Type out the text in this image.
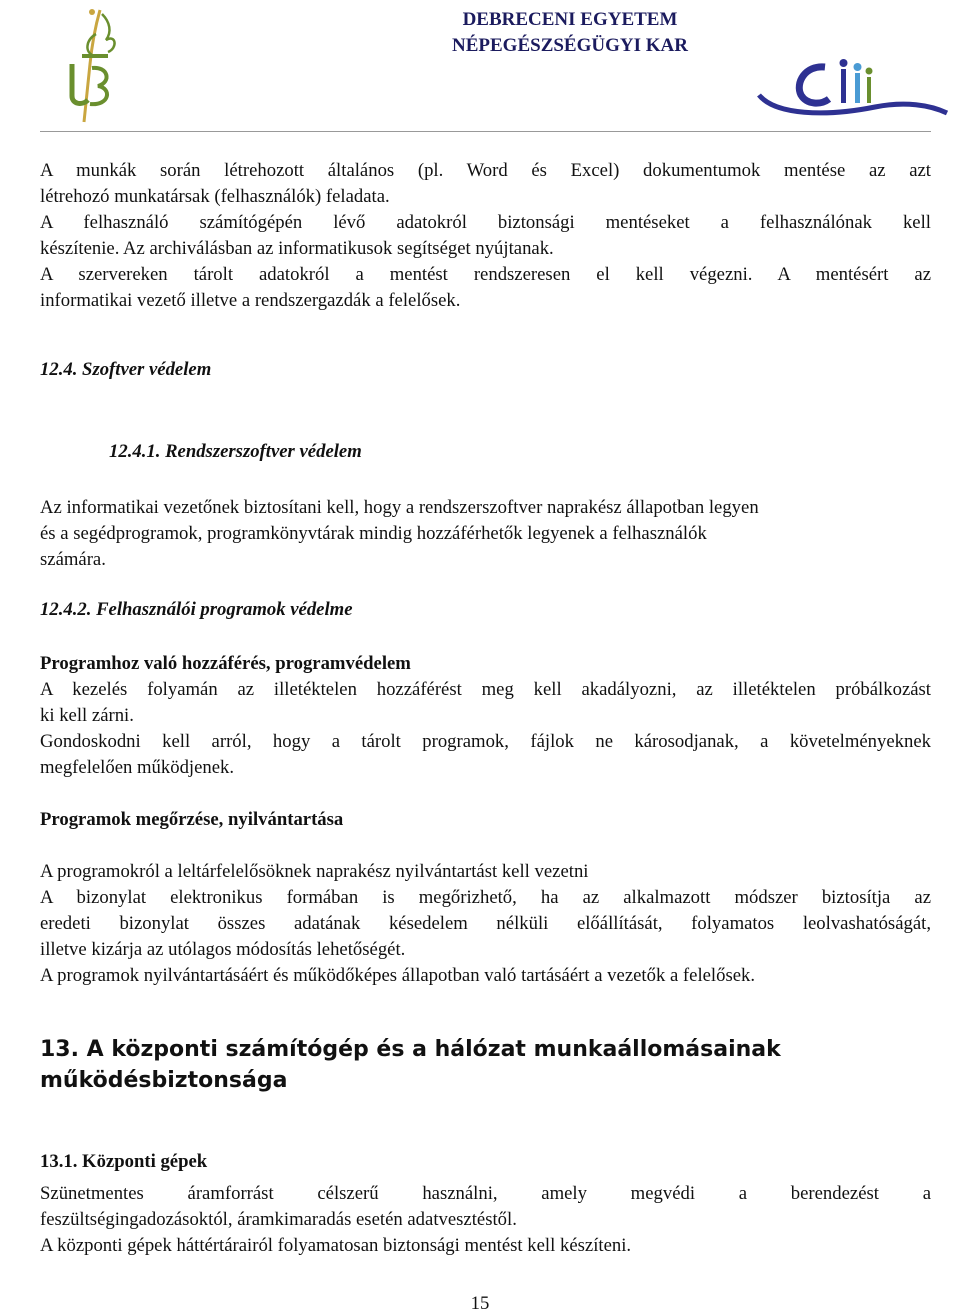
DEBRECENI EGYETEM
NÉPEGÉSZSÉGÜGYI KAR

A munkák során létrehozott általános (pl. Word és Excel) dokumentumok mentése az azt

létrehozó munkatársak (felhasználók) feladata.

A felhasználó számítógépén lévő adatokról biztonsági mentéseket a felhasználónak kell

készítenie. Az archiválásban az informatikusok segítséget nyújtanak.

A szervereken tárolt adatokról a mentést rendszeresen el kell végezni. A mentésért az

informatikai vezető illetve a rendszergazdák a felelősek.

12.4. Szoftver védelem

12.4.1. Rendszerszoftver védelem

Az informatikai vezetőnek biztosítani kell, hogy a rendszerszoftver naprakész állapotban legyen

és a segédprogramok, programkönyvtárak mindig hozzáférhetők legyenek a felhasználók

számára.

12.4.2. Felhasználói programok védelme

Programhoz való hozzáférés, programvédelem

A kezelés folyamán az illetéktelen hozzáférést meg kell akadályozni, az illetéktelen próbálkozást

ki kell zárni.

Gondoskodni kell arról, hogy a tárolt programok, fájlok ne károsodjanak, a követelményeknek

megfelelően működjenek.

Programok megőrzése, nyilvántartása

A programokról a leltárfelelősöknek naprakész nyilvántartást kell vezetni

A bizonylat elektronikus formában is megőrizhető, ha az alkalmazott módszer biztosítja az

eredeti bizonylat összes adatának késedelem nélküli előállítását, folyamatos leolvashatóságát,

illetve kizárja az utólagos módosítás lehetőségét.

A programok nyilvántartásáért és működőképes állapotban való tartásáért a vezetők a felelősek.

13. A központi számítógép és a hálózat munkaállomásainak

működésbiztonsága

13.1. Központi gépek

Szünetmentes áramforrást célszerű használni, amely megvédi a berendezést a

feszültségingadozásoktól, áramkimaradás esetén adatvesztéstől.

A központi gépek háttértárairól folyamatosan biztonsági mentést kell készíteni.

15
